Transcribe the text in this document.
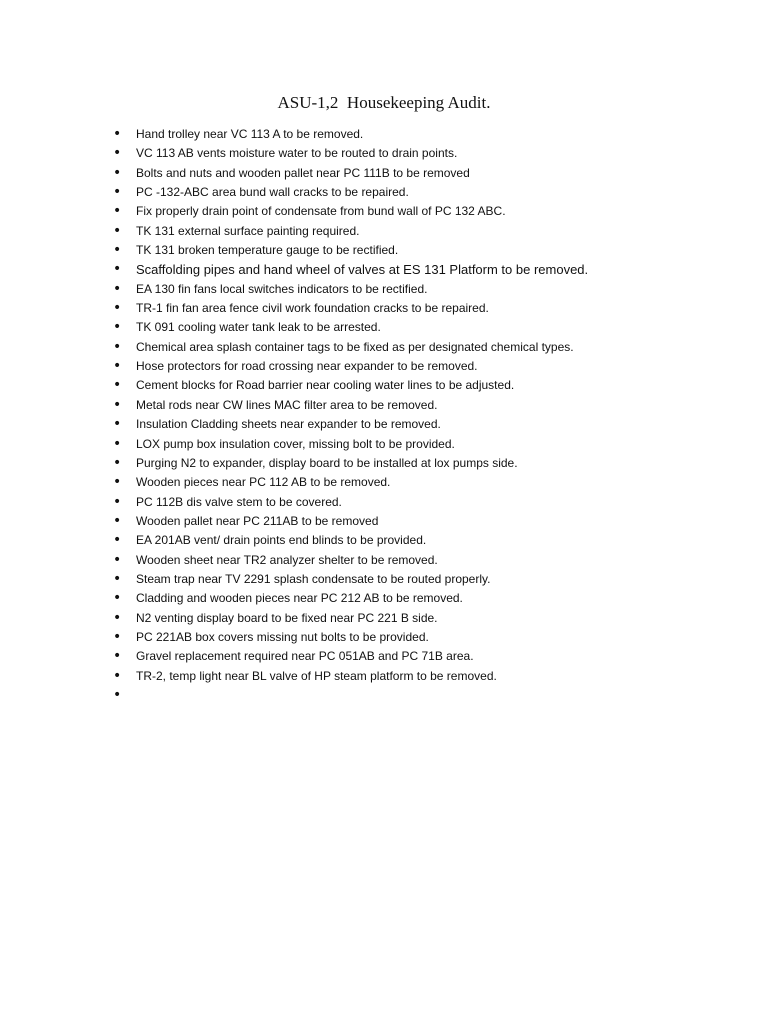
ASU-1,2  Housekeeping Audit.
• Hand trolley near VC 113 A to be removed.
• VC 113 AB vents moisture water to be routed to drain points.
• Bolts and nuts and wooden pallet near PC 111B to be removed
• PC -132-ABC area bund wall cracks to be repaired.
• Fix properly drain point of condensate from bund wall of PC 132 ABC.
• TK 131 external surface painting required.
• TK 131 broken temperature gauge to be rectified.
• Scaffolding pipes and hand wheel of valves at ES 131 Platform to be removed.
• EA 130 fin fans local switches indicators to be rectified.
• TR-1 fin fan area fence civil work foundation cracks to be repaired.
• TK 091 cooling water tank leak to be arrested.
• Chemical area splash container tags to be fixed as per designated chemical types.
• Hose protectors for road crossing near expander to be removed.
• Cement blocks for Road barrier near cooling water lines to be adjusted.
• Metal rods near CW lines MAC filter area to be removed.
• Insulation Cladding sheets near expander to be removed.
• LOX pump box insulation cover, missing bolt to be provided.
• Purging N2 to expander, display board to be installed at lox pumps side.
• Wooden pieces near PC 112 AB to be removed.
• PC 112B dis valve stem to be covered.
• Wooden pallet near PC 211AB to be removed
• EA 201AB vent/ drain points end blinds to be provided.
• Wooden sheet near TR2 analyzer shelter to be removed.
• Steam trap near TV 2291 splash condensate to be routed properly.
• Cladding and wooden pieces near PC 212 AB to be removed.
• N2 venting display board to be fixed near PC 221 B side.
• PC 221AB box covers missing nut bolts to be provided.
• Gravel replacement required near PC 051AB and PC 71B area.
• TR-2, temp light near BL valve of HP steam platform to be removed.
•
